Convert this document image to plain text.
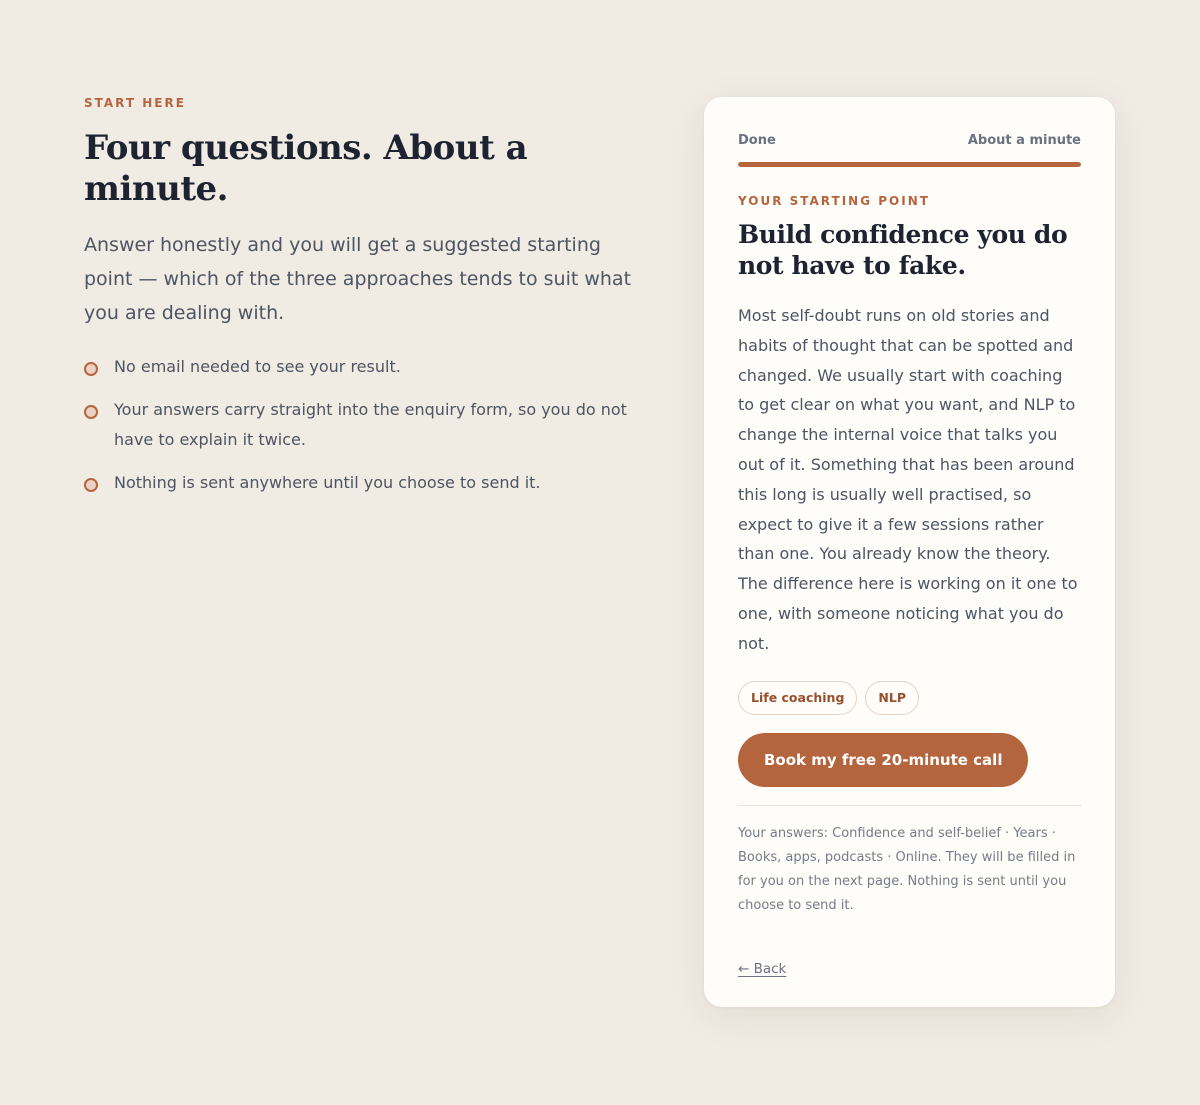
START HERE

Four questions. About a minute.

Answer honestly and you will get a suggested starting point — which of the three approaches tends to suit what you are dealing with.

No email needed to see your result.
Your answers carry straight into the enquiry form, so you do not have to explain it twice.
Nothing is sent anywhere until you choose to send it.
Done	About a minute

YOUR STARTING POINT

Build confidence you do not have to fake.

Most self-doubt runs on old stories and habits of thought that can be spotted and changed. We usually start with coaching to get clear on what you want, and NLP to change the internal voice that talks you out of it. Something that has been around this long is usually well practised, so expect to give it a few sessions rather than one. You already know the theory. The difference here is working on it one to one, with someone noticing what you do not.

Life coaching	NLP
Book my free 20-minute call

Your answers: Confidence and self-belief · Years · Books, apps, podcasts · Online. They will be filled in for you on the next page. Nothing is sent until you choose to send it.

← Back
